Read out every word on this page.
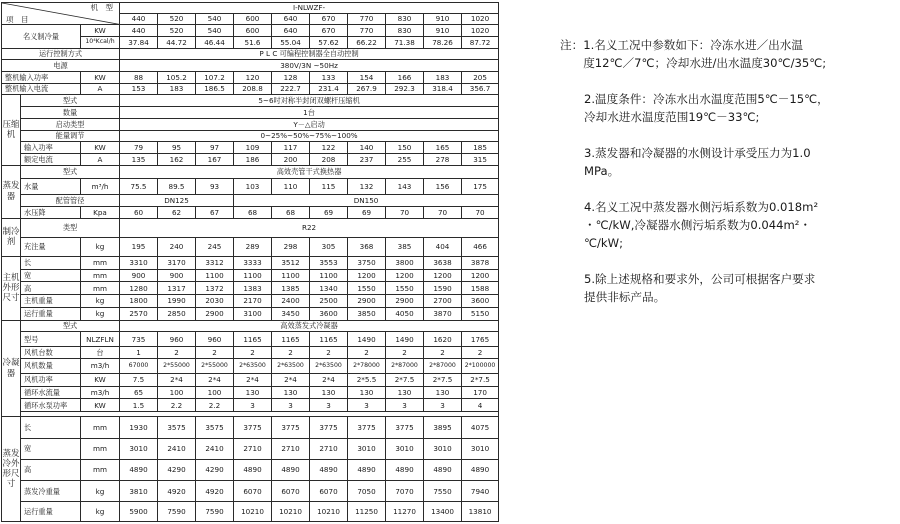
项　目
机　型			I-NLWZF-									
			440	520	540	600	640	670	770	830	910	1020
名义制冷量		KW	440	520	540	600	640	670	770	830	910	1020
		10⁴Kcal/h	37.84	44.72	46.44	51.6	55.04	57.62	66.22	71.38	78.26	87.72
运行控制方式			P L C 可编程控制器全自动控制									
电源			380V/3N ~50Hz									
整机输入功率		KW	88	105.2	107.2	120	128	133	154	166	183	205
整机输入电流		A	153	183	186.5	208.8	222.7	231.4	267.9	292.3	318.4	356.7
压缩机	型式		5~6吋对称半封闭双螺杆压缩机									
	数量		1台									
	启动类型		Y－△启动									
	能量调节		0~25%~50%~75%~100%									
	输入功率	KW	79	95	97	109	117	122	140	150	165	185
	额定电流	A	135	162	167	186	200	208	237	255	278	315
蒸发器	型式		高效壳管干式换热器									
	水量	m³/h	75.5	89.5	93	103	110	115	132	143	156	175
	配管管径		DN125			DN150						
	水压降	Kpa	60	62	67	68	68	69	69	70	70	70
制冷剂	类型		R22									
	充注量	kg	195	240	245	289	298	305	368	385	404	466
主机外形尺寸	长	mm	3310	3170	3312	3333	3512	3553	3750	3800	3638	3878
	宽	mm	900	900	1100	1100	1100	1100	1200	1200	1200	1200
	高	mm	1280	1317	1372	1383	1385	1340	1550	1550	1590	1588
	主机重量	kg	1800	1990	2030	2170	2400	2500	2900	2900	2700	3600
	运行重量	kg	2570	2850	2900	3100	3450	3600	3850	4050	3870	5150
冷凝器	型式		高效蒸发式冷凝器									
	型号	NLZFLN	735	960	960	1165	1165	1165	1490	1490	1620	1765
	风机台数	台	1	2	2	2	2	2	2	2	2	2
	风机数量	m3/h	67000	2*55000	2*55000	2*63500	2*63500	2*63500	2*78000	2*87000	2*87000	2*100000
	风机功率	KW	7.5	2*4	2*4	2*4	2*4	2*4	2*5.5	2*7.5	2*7.5	2*7.5
	循环水流量	m3/h	65	100	100	130	130	130	130	130	130	170
	循环水泵功率	KW	1.5	2.2	2.2	3	3	3	3	3	3	4

蒸发冷外形尺寸	长	mm	1930	3575	3575	3775	3775	3775	3775	3775	3895	4075
	宽	mm	3010	2410	2410	2710	2710	2710	3010	3010	3010	3010
	高	mm	4890	4290	4290	4890	4890	4890	4890	4890	4890	4890
	蒸发冷重量	kg	3810	4920	4920	6070	6070	6070	7050	7070	7550	7940
	运行重量	kg	5900	7590	7590	10210	10210	10210	11250	11270	13400	13810
注：1.名义工况中参数如下：冷冻水进／出水温
　　度12℃／7℃；冷却水进/出水温度30℃/35℃;
2.温度条件：冷冻水出水温度范围5℃－15℃，
冷却水进水温度范围19℃－33℃;
3.蒸发器和冷凝器的水侧设计承受压力为1.0
MPa。
4.名义工况中蒸发器水侧污垢系数为0.018m²
・℃/kW,冷凝器水侧污垢系数为0.044m²・
℃/kW;
5.除上述规格和要求外，公司可根据客户要求
提供非标产品。
